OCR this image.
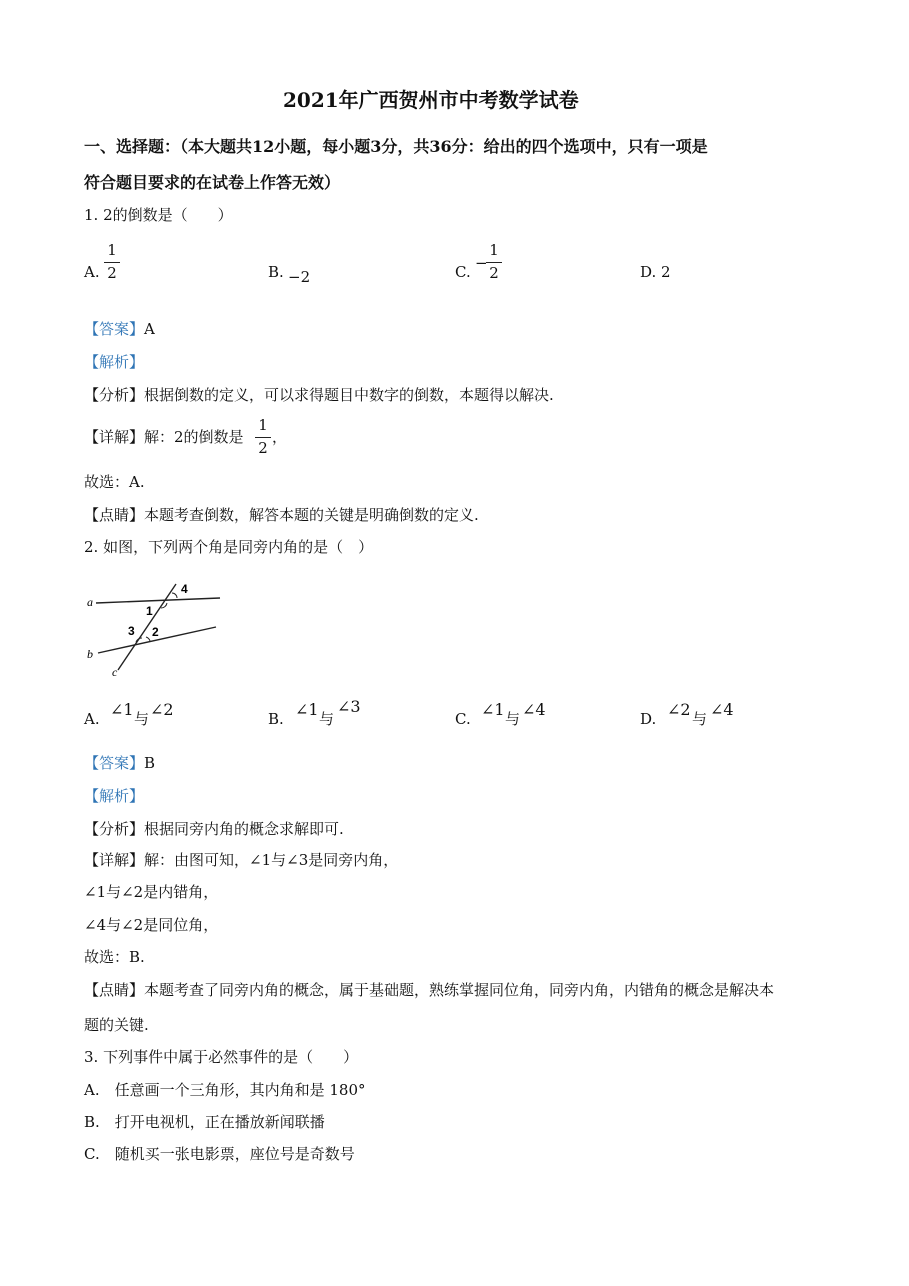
2021年广西贺州市中考数学试卷
一、选择题：（本大题共12小题，每小题3分，共36分：给出的四个选项中，只有一项是
符合题目要求的在试卷上作答无效）
1. 2的倒数是（　　）
A.
1
2	B. −2	C. −
1
2	D. 2
【答案】A
【解析】
【分析】根据倒数的定义，可以求得题目中数字的倒数，本题得以解决.
【详解】解：2的倒数是
1
2
，
故选：A.
【点睛】本题考查倒数，解答本题的关键是明确倒数的定义.
2. 如图，下列两个角是同旁内角的是（　）
a
b
c
4
1
3 2
A. ∠1 与 ∠2	B. ∠1 与
∠3
C. ∠1 与 ∠4	D. ∠2 与 ∠4
【答案】B
【解析】
【分析】根据同旁内角的概念求解即可.
【详解】解：由图可知，∠1与∠3是同旁内角，
∠1与∠2是内错角，
∠4与∠2是同位角，
故选：B.
【点睛】本题考查了同旁内角的概念，属于基础题，熟练掌握同位角，同旁内角，内错角的概念是解决本
题的关键.
3. 下列事件中属于必然事件的是（　　）
A.　任意画一个三角形，其内角和是 180°
B.　打开电视机，正在播放新闻联播
C.　随机买一张电影票，座位号是奇数号
